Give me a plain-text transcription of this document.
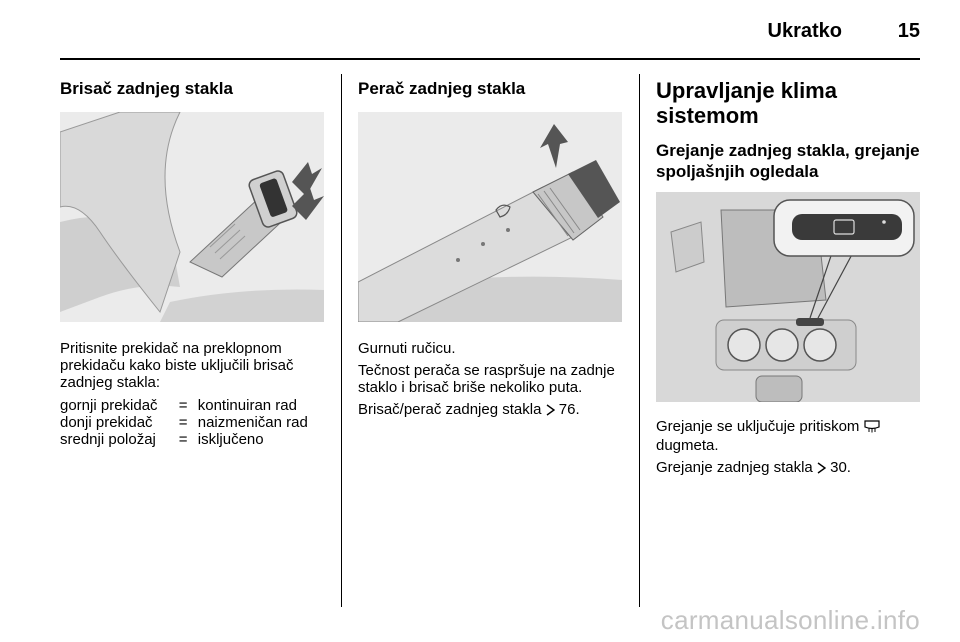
Ukratko	15
Brisač zadnjeg stakla

Pritisnite prekidač na preklopnom prekidaču kako biste uključili brisač zadnjeg stakla:

gornji prekidač	= kontinuiran rad
donji prekidač	= naizmeničan rad
srednji položaj	= isključeno
Perač zadnjeg stakla

Gurnuti ručicu.

Tečnost perača se raspršuje na zadnje staklo i brisač briše nekoliko puta.

Brisač/perač zadnjeg stakla 76.

Upravljanje klima sistemom
Grejanje zadnjeg stakla, grejanje spoljašnjih ogledala

Grejanje se uključuje pritiskom  dugmeta.

Grejanje zadnjeg stakla 30.

carmanualsonline.info
